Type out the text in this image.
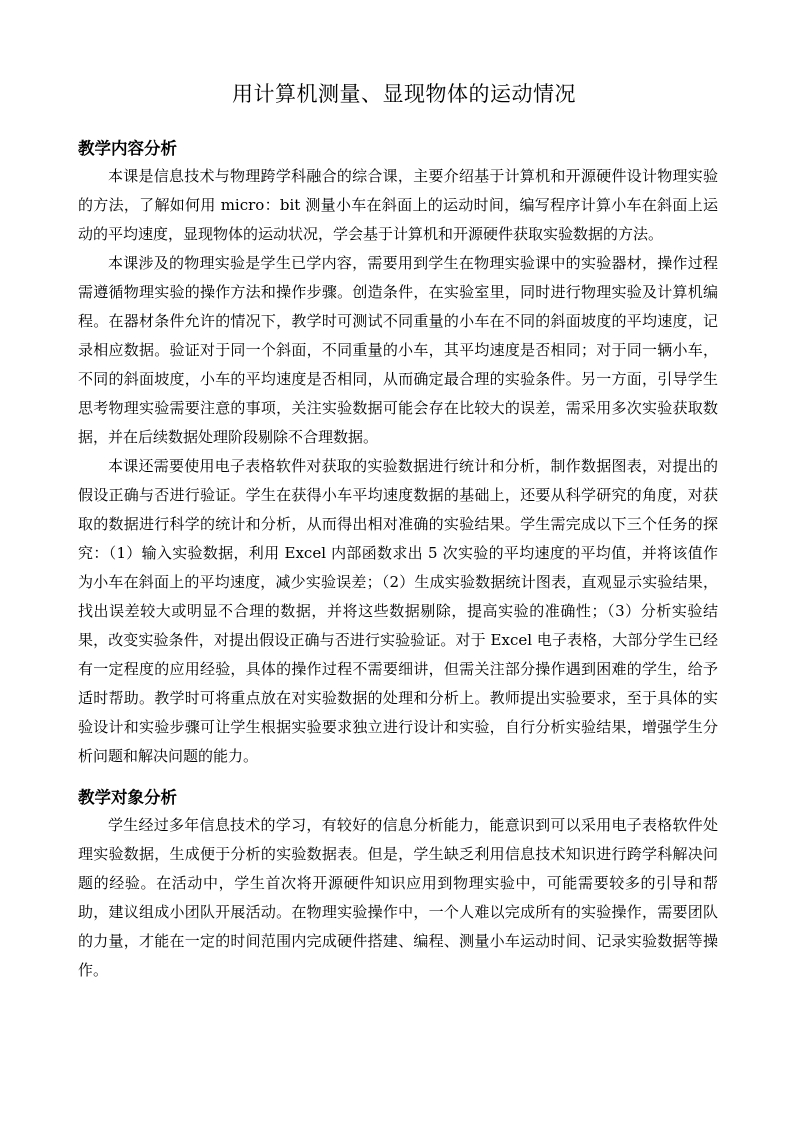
用计算机测量、显现物体的运动情况
教学内容分析

本课是信息技术与物理跨学科融合的综合课，主要介绍基于计算机和开源硬件设计物理实验的方法，了解如何用 micro：bit 测量小车在斜面上的运动时间，编写程序计算小车在斜面上运动的平均速度，显现物体的运动状况，学会基于计算机和开源硬件获取实验数据的方法。

本课涉及的物理实验是学生已学内容，需要用到学生在物理实验课中的实验器材，操作过程需遵循物理实验的操作方法和操作步骤。创造条件，在实验室里，同时进行物理实验及计算机编程。在器材条件允许的情况下，教学时可测试不同重量的小车在不同的斜面坡度的平均速度，记录相应数据。验证对于同一个斜面，不同重量的小车，其平均速度是否相同；对于同一辆小车，不同的斜面坡度，小车的平均速度是否相同，从而确定最合理的实验条件。另一方面，引导学生思考物理实验需要注意的事项，关注实验数据可能会存在比较大的误差，需采用多次实验获取数据，并在后续数据处理阶段剔除不合理数据。

本课还需要使用电子表格软件对获取的实验数据进行统计和分析，制作数据图表，对提出的假设正确与否进行验证。学生在获得小车平均速度数据的基础上，还要从科学研究的角度，对获取的数据进行科学的统计和分析，从而得出相对准确的实验结果。学生需完成以下三个任务的探究：（1）输入实验数据，利用 Excel 内部函数求出 5 次实验的平均速度的平均值，并将该值作为小车在斜面上的平均速度，减少实验误差；（2）生成实验数据统计图表，直观显示实验结果，找出误差较大或明显不合理的数据，并将这些数据剔除，提高实验的准确性；（3）分析实验结果，改变实验条件，对提出假设正确与否进行实验验证。对于 Excel 电子表格，大部分学生已经有一定程度的应用经验，具体的操作过程不需要细讲，但需关注部分操作遇到困难的学生，给予适时帮助。教学时可将重点放在对实验数据的处理和分析上。教师提出实验要求，至于具体的实验设计和实验步骤可让学生根据实验要求独立进行设计和实验，自行分析实验结果，增强学生分析问题和解决问题的能力。

教学对象分析

学生经过多年信息技术的学习，有较好的信息分析能力，能意识到可以采用电子表格软件处理实验数据，生成便于分析的实验数据表。但是，学生缺乏利用信息技术知识进行跨学科解决问题的经验。在活动中，学生首次将开源硬件知识应用到物理实验中，可能需要较多的引导和帮助，建议组成小团队开展活动。在物理实验操作中，一个人难以完成所有的实验操作，需要团队的力量，才能在一定的时间范围内完成硬件搭建、编程、测量小车运动时间、记录实验数据等操作。
